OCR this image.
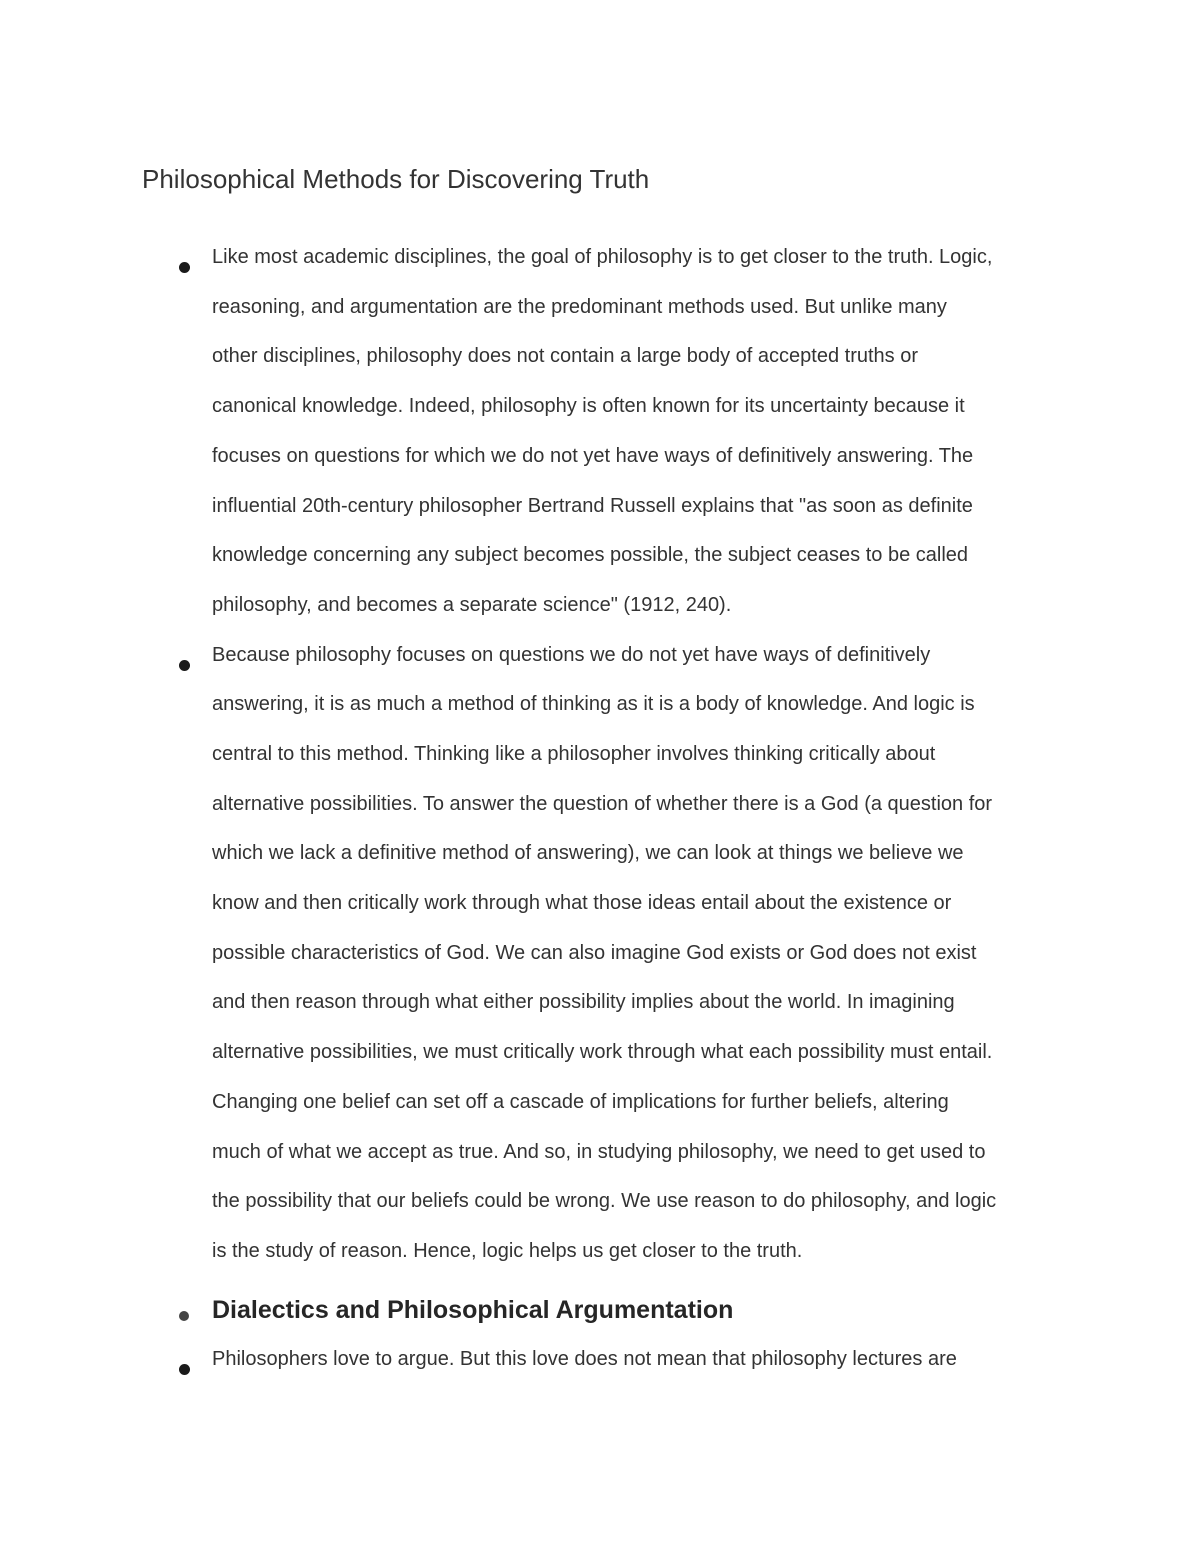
Philosophical Methods for Discovering Truth

Like most academic disciplines, the goal of philosophy is to get closer to the truth. Logic,

reasoning, and argumentation are the predominant methods used. But unlike many

other disciplines, philosophy does not contain a large body of accepted truths or

canonical knowledge. Indeed, philosophy is often known for its uncertainty because it

focuses on questions for which we do not yet have ways of definitively answering. The

influential 20th-century philosopher Bertrand Russell explains that "as soon as definite

knowledge concerning any subject becomes possible, the subject ceases to be called

philosophy, and becomes a separate science" (1912, 240).

Because philosophy focuses on questions we do not yet have ways of definitively

answering, it is as much a method of thinking as it is a body of knowledge. And logic is

central to this method. Thinking like a philosopher involves thinking critically about

alternative possibilities. To answer the question of whether there is a God (a question for

which we lack a definitive method of answering), we can look at things we believe we

know and then critically work through what those ideas entail about the existence or

possible characteristics of God. We can also imagine God exists or God does not exist

and then reason through what either possibility implies about the world. In imagining

alternative possibilities, we must critically work through what each possibility must entail.

Changing one belief can set off a cascade of implications for further beliefs, altering

much of what we accept as true. And so, in studying philosophy, we need to get used to

the possibility that our beliefs could be wrong. We use reason to do philosophy, and logic

is the study of reason. Hence, logic helps us get closer to the truth.

Dialectics and Philosophical Argumentation

Philosophers love to argue. But this love does not mean that philosophy lectures are
